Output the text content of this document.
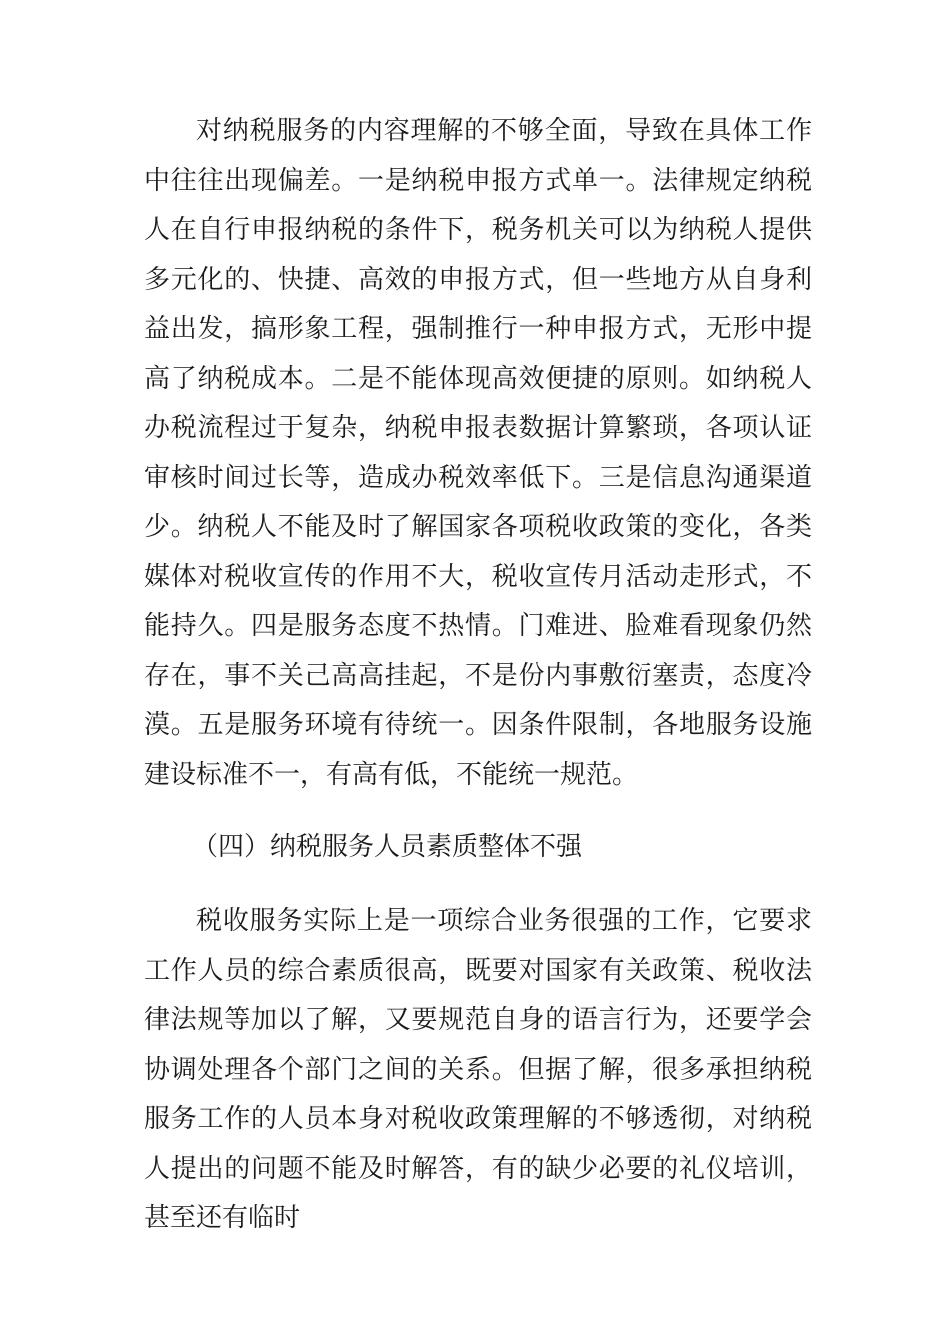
对纳税服务的内容理解的不够全面，导致在具体工作中往往出现偏差。一是纳税申报方式单一。法律规定纳税人在自行申报纳税的条件下，税务机关可以为纳税人提供多元化的、快捷、高效的申报方式，但一些地方从自身利益出发，搞形象工程，强制推行一种申报方式，无形中提高了纳税成本。二是不能体现高效便捷的原则。如纳税人办税流程过于复杂，纳税申报表数据计算繁琐，各项认证审核时间过长等，造成办税效率低下。三是信息沟通渠道少。纳税人不能及时了解国家各项税收政策的变化，各类媒体对税收宣传的作用不大，税收宣传月活动走形式，不能持久。四是服务态度不热情。门难进、脸难看现象仍然存在，事不关己高高挂起，不是份内事敷衍塞责，态度冷漠。五是服务环境有待统一。因条件限制，各地服务设施建设标准不一，有高有低，不能统一规范。

（四）纳税服务人员素质整体不强

税收服务实际上是一项综合业务很强的工作，它要求工作人员的综合素质很高，既要对国家有关政策、税收法律法规等加以了解，又要规范自身的语言行为，还要学会协调处理各个部门之间的关系。但据了解，很多承担纳税服务工作的人员本身对税收政策理解的不够透彻，对纳税人提出的问题不能及时解答，有的缺少必要的礼仪培训，甚至还有临时
